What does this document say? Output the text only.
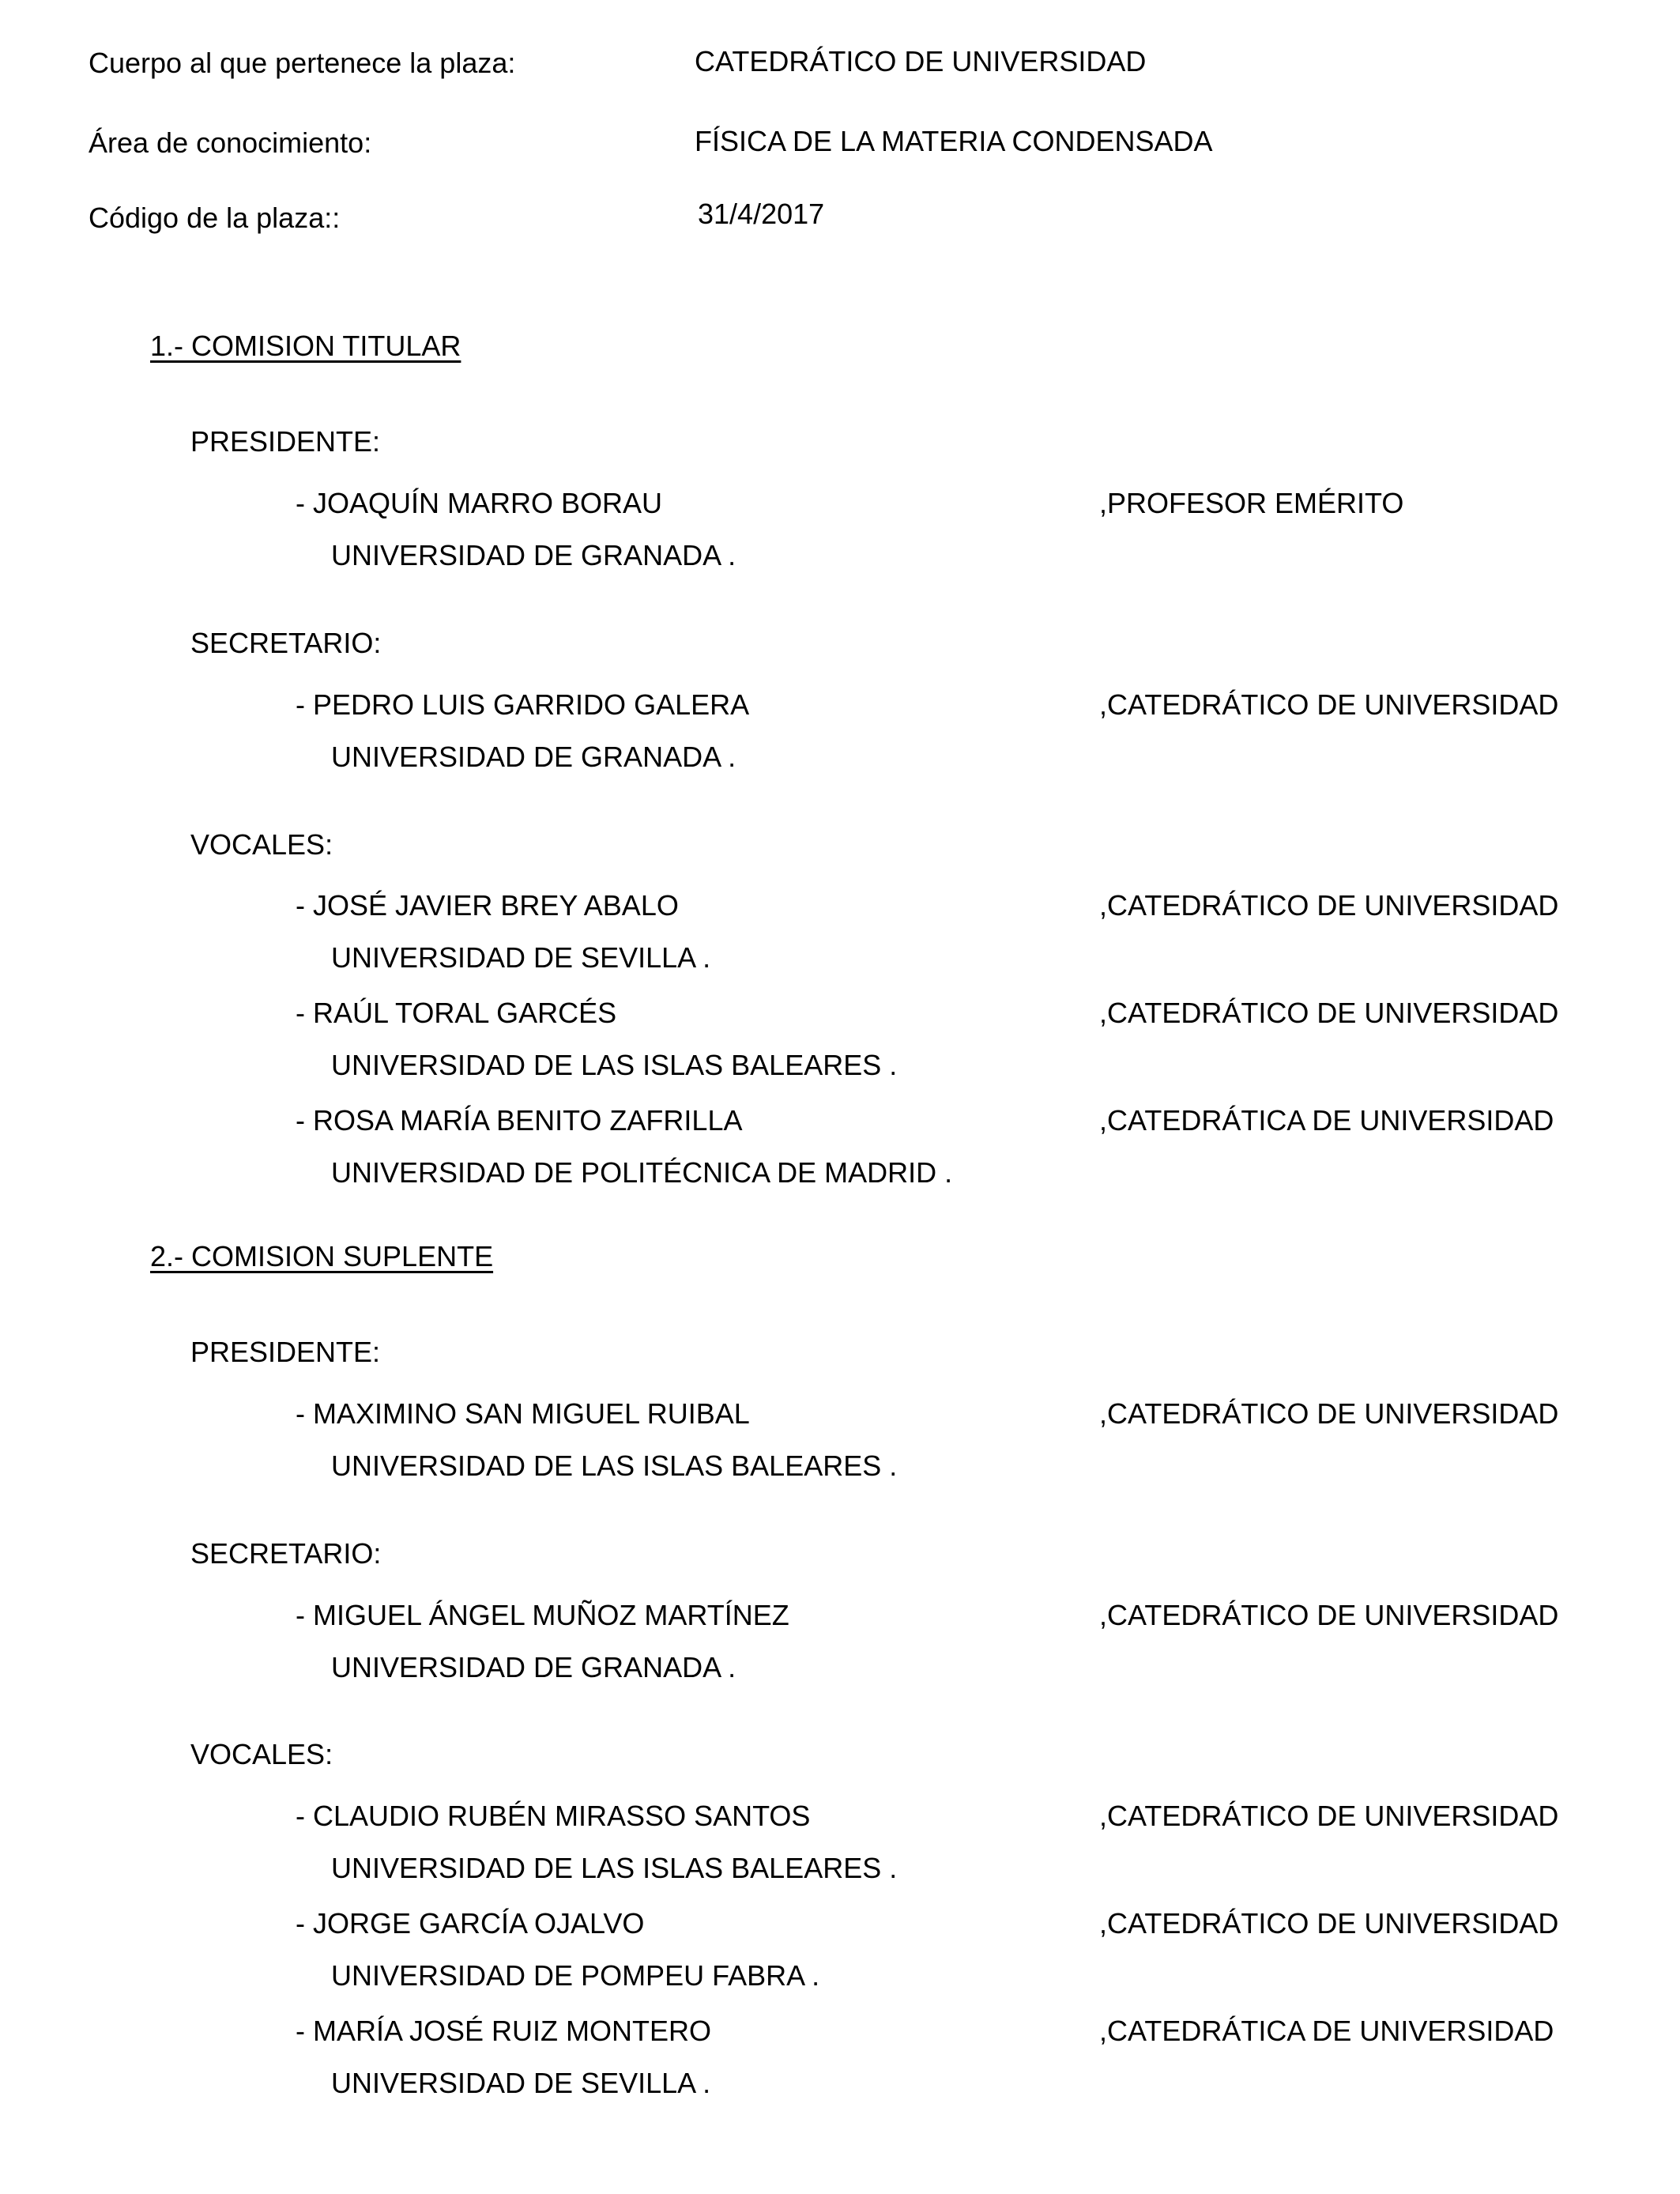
Cuerpo al que pertenece la plaza:	CATEDRÁTICO DE UNIVERSIDAD
Área de conocimiento:	FÍSICA DE LA MATERIA CONDENSADA
Código de la plaza::	31/4/2017
1.- COMISION TITULAR
PRESIDENTE:
- JOAQUÍN MARRO BORAU	,PROFESOR EMÉRITO
UNIVERSIDAD DE GRANADA .
SECRETARIO:
- PEDRO LUIS GARRIDO GALERA	,CATEDRÁTICO DE UNIVERSIDAD
UNIVERSIDAD DE GRANADA .
VOCALES:
- JOSÉ JAVIER BREY ABALO	,CATEDRÁTICO DE UNIVERSIDAD
UNIVERSIDAD DE SEVILLA .
- RAÚL TORAL GARCÉS	,CATEDRÁTICO DE UNIVERSIDAD
UNIVERSIDAD DE LAS ISLAS BALEARES .
- ROSA MARÍA BENITO ZAFRILLA	,CATEDRÁTICA DE UNIVERSIDAD
UNIVERSIDAD DE POLITÉCNICA DE MADRID .
2.- COMISION SUPLENTE
PRESIDENTE:
- MAXIMINO SAN MIGUEL RUIBAL	,CATEDRÁTICO DE UNIVERSIDAD
UNIVERSIDAD DE LAS ISLAS BALEARES .
SECRETARIO:
- MIGUEL ÁNGEL MUÑOZ MARTÍNEZ	,CATEDRÁTICO DE UNIVERSIDAD
UNIVERSIDAD DE GRANADA .
VOCALES:
- CLAUDIO RUBÉN MIRASSO SANTOS	,CATEDRÁTICO DE UNIVERSIDAD
UNIVERSIDAD DE LAS ISLAS BALEARES .
- JORGE GARCÍA OJALVO	,CATEDRÁTICO DE UNIVERSIDAD
UNIVERSIDAD DE POMPEU FABRA .
- MARÍA JOSÉ RUIZ MONTERO	,CATEDRÁTICA DE UNIVERSIDAD
UNIVERSIDAD DE SEVILLA .
